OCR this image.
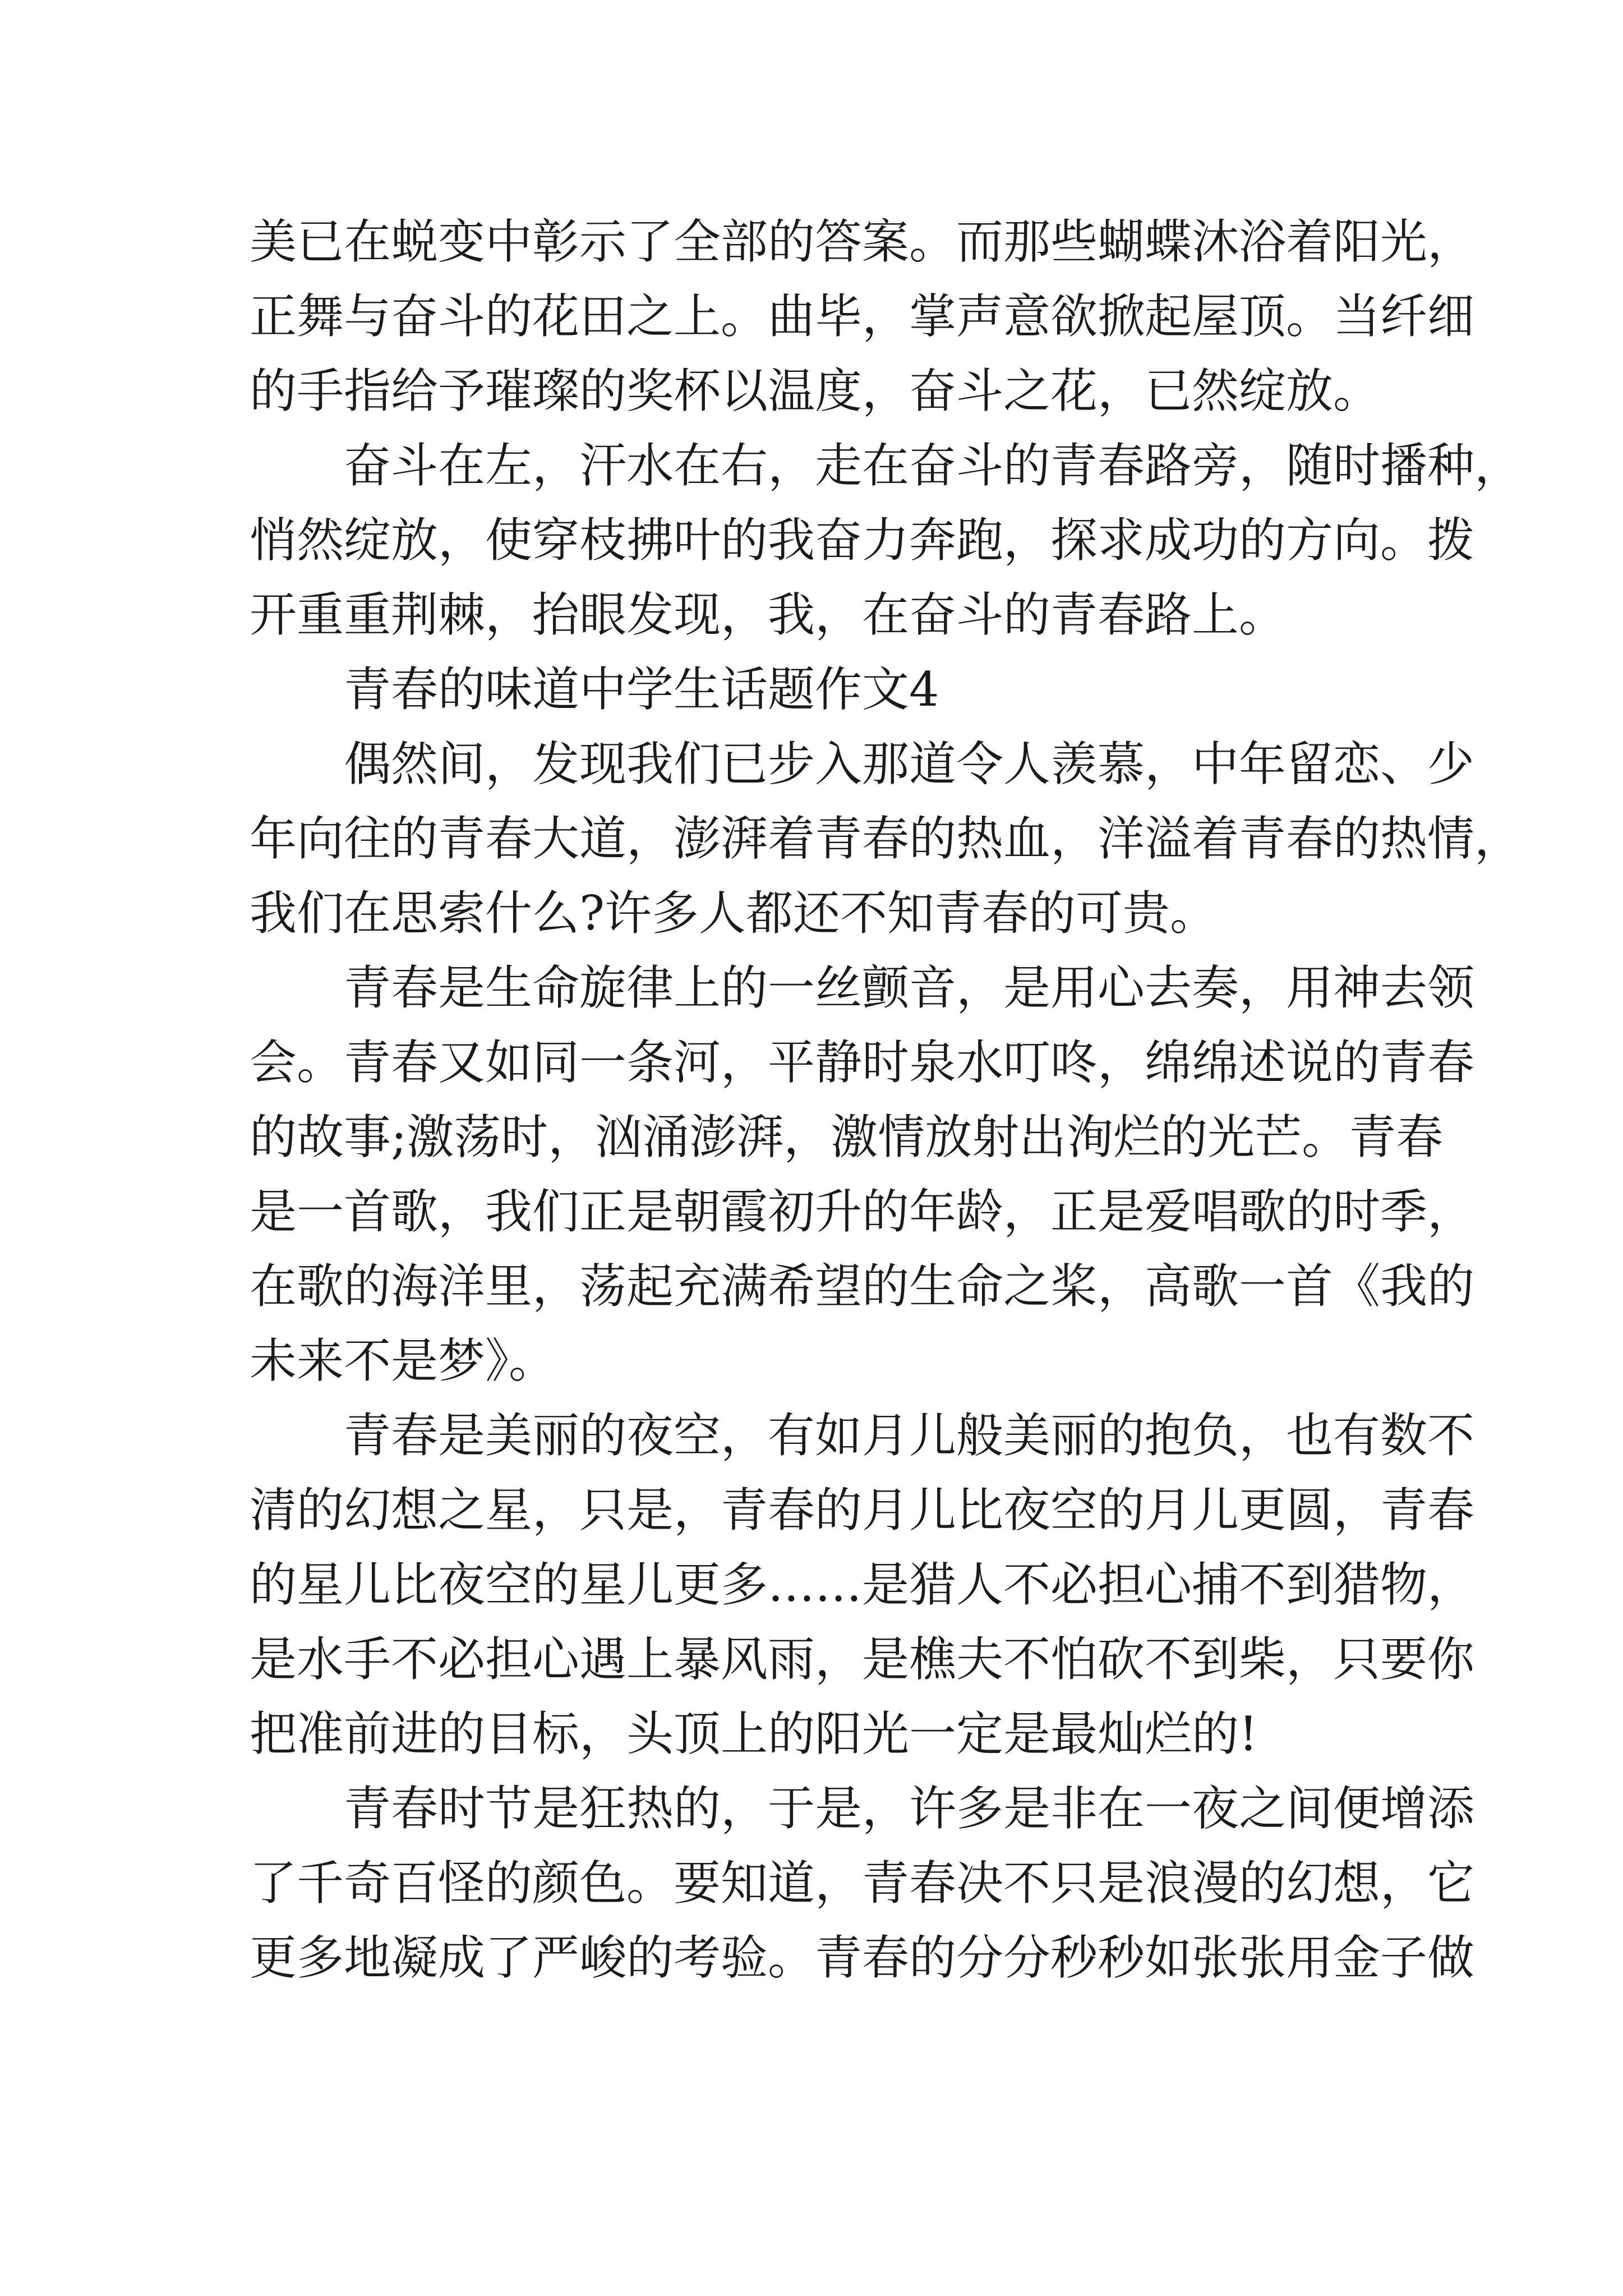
美已在蜕变中彰示了全部的答案。而那些蝴蝶沐浴着阳光，
正舞与奋斗的花田之上。曲毕，掌声意欲掀起屋顶。当纤细
的手指给予璀璨的奖杯以温度，奋斗之花，已然绽放。

奋斗在左，汗水在右，走在奋斗的青春路旁，随时播种，
悄然绽放，使穿枝拂叶的我奋力奔跑，探求成功的方向。拨
开重重荆棘，抬眼发现，我，在奋斗的青春路上。

青春的味道中学生话题作文4

偶然间，发现我们已步入那道令人羡慕，中年留恋、少
年向往的青春大道，澎湃着青春的热血，洋溢着青春的热情，
我们在思索什么?许多人都还不知青春的可贵。

青春是生命旋律上的一丝颤音，是用心去奏，用神去领
会。青春又如同一条河，平静时泉水叮咚，绵绵述说的青春
的故事;激荡时，汹涌澎湃，激情放射出洵烂的光芒。青春
是一首歌，我们正是朝霞初升的年龄，正是爱唱歌的时季，
在歌的海洋里，荡起充满希望的生命之桨，高歌一首《我的
未来不是梦》。

青春是美丽的夜空，有如月儿般美丽的抱负，也有数不
清的幻想之星，只是，青春的月儿比夜空的月儿更圆，青春
的星儿比夜空的星儿更多……是猎人不必担心捕不到猎物，
是水手不必担心遇上暴风雨，是樵夫不怕砍不到柴，只要你
把准前进的目标，头顶上的阳光一定是最灿烂的!

青春时节是狂热的，于是，许多是非在一夜之间便增添
了千奇百怪的颜色。要知道，青春决不只是浪漫的幻想，它
更多地凝成了严峻的考验。青春的分分秒秒如张张用金子做
